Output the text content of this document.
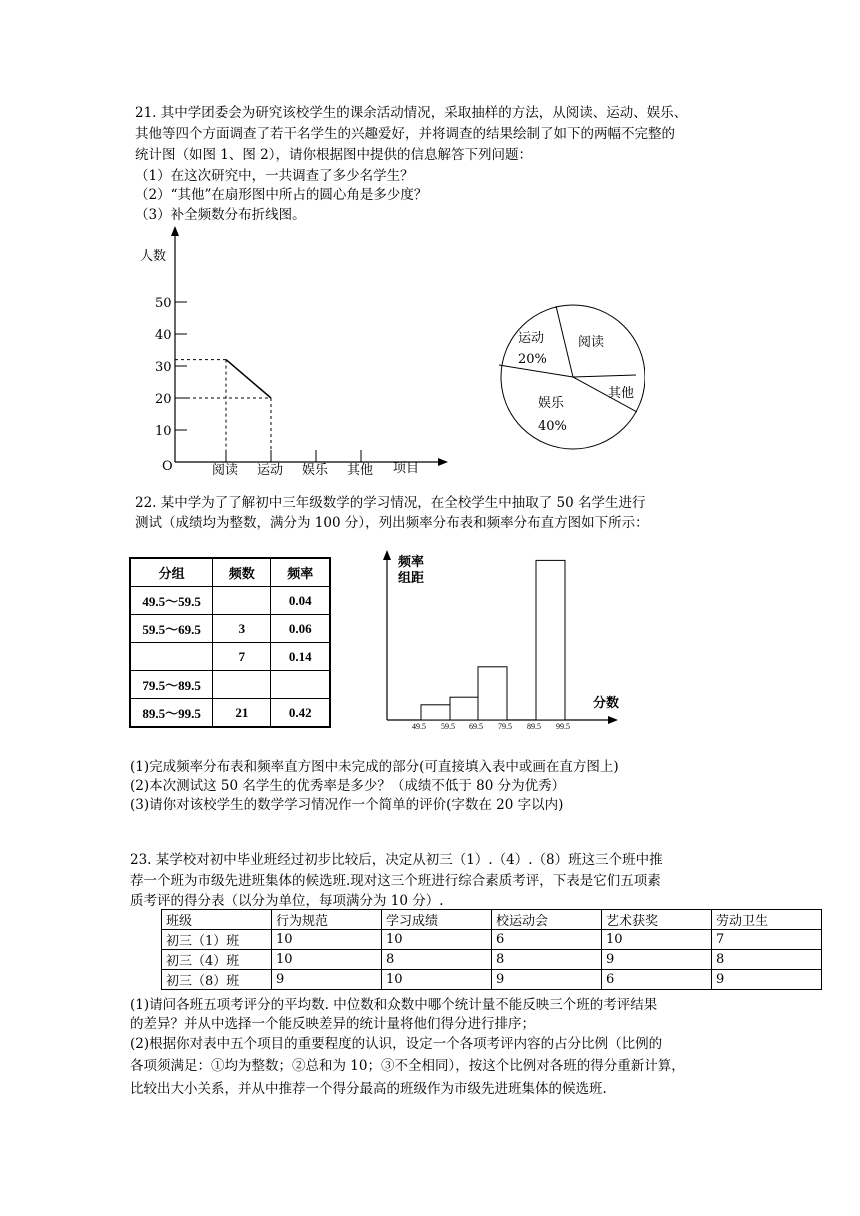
21. 其中学团委会为研究该校学生的课余活动情况，采取抽样的方法，从阅读、运动、娱乐、
其他等四个方面调查了若干名学生的兴趣爱好，并将调查的结果绘制了如下的两幅不完整的
统计图（如图 1、图 2），请你根据图中提供的信息解答下列问题：
（1）在这次研究中，一共调查了多少名学生？
（2）“其他”在扇形图中所占的圆心角是多少度？
（3）补全频数分布折线图。
人数
O	项目
10
20
30
40
50
阅读 运动 娱乐 其他
运动
20%
阅读
其他
娱乐
40%
22. 某中学为了了解初中三年级数学的学习情况，在全校学生中抽取了 50 名学生进行
测试（成绩均为整数，满分为 100 分），列出频率分布表和频率分布直方图如下所示：
分组	频数	频率
49.5～59.5		0.04
59.5～69.5	3	0.06
	7	0.14
79.5～89.5		
89.5～99.5	21	0.42
频率
组距
分数
49.5 59.5 69.5 79.5 89.5 99.5
(1)完成频率分布表和频率直方图中未完成的部分(可直接填入表中或画在直方图上)
(2)本次测试这 50 名学生的优秀率是多少？（成绩不低于 80 分为优秀）
(3)请你对该校学生的数学学习情况作一个简单的评价(字数在 20 字以内)
23. 某学校对初中毕业班经过初步比较后，决定从初三（1）.（4）.（8）班这三个班中推
荐一个班为市级先进班集体的候选班.现对这三个班进行综合素质考评，下表是它们五项素
质考评的得分表（以分为单位，每项满分为 10 分）.
班级	行为规范	学习成绩	校运动会	艺术获奖	劳动卫生
初三（1）班	10	10	6	10	7
初三（4）班	10	8	8	9	8
初三（8）班	9	10	9	6	9
(1)请问各班五项考评分的平均数. 中位数和众数中哪个统计量不能反映三个班的考评结果
的差异？并从中选择一个能反映差异的统计量将他们得分进行排序；
(2)根据你对表中五个项目的重要程度的认识，设定一个各项考评内容的占分比例（比例的
各项须满足：①均为整数；②总和为 10；③不全相同），按这个比例对各班的得分重新计算，
比较出大小关系，并从中推荐一个得分最高的班级作为市级先进班集体的候选班.
